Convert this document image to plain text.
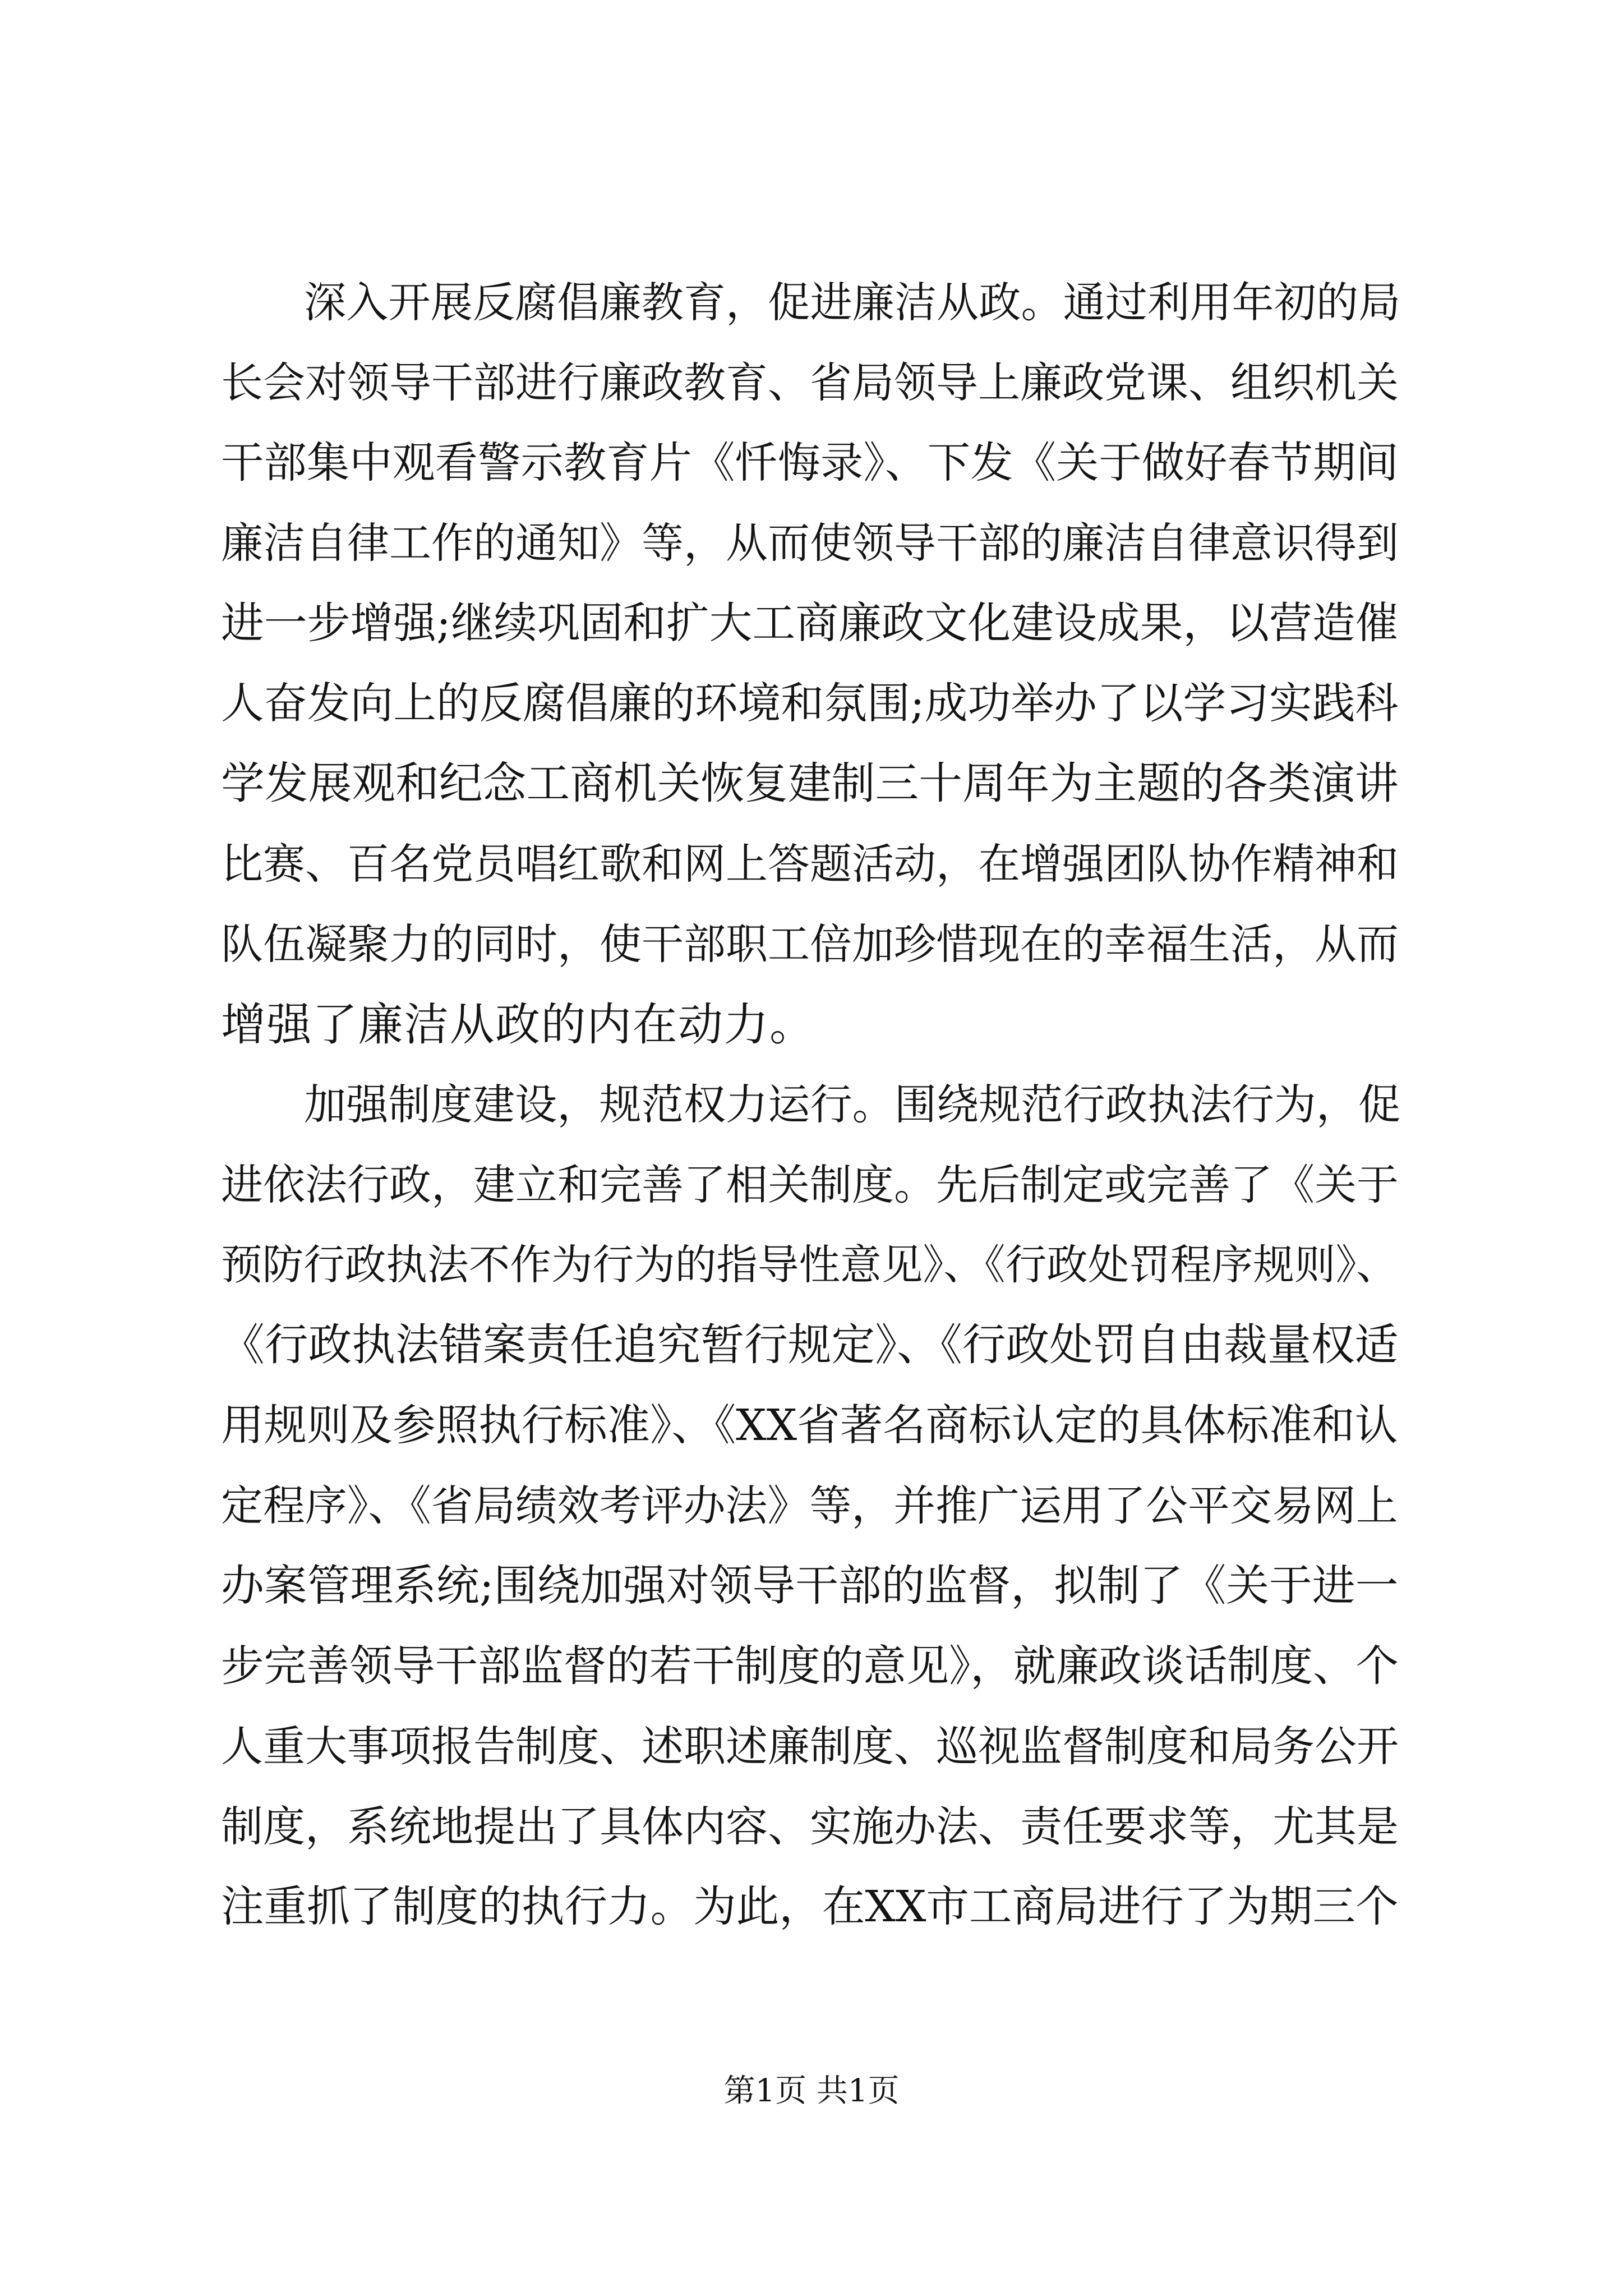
深入开展反腐倡廉教育，促进廉洁从政。通过利用年初的局
长会对领导干部进行廉政教育、省局领导上廉政党课、组织机关
干部集中观看警示教育片《忏悔录》、下发《关于做好春节期间
廉洁自律工作的通知》等，从而使领导干部的廉洁自律意识得到
进一步增强;继续巩固和扩大工商廉政文化建设成果，以营造催
人奋发向上的反腐倡廉的环境和氛围;成功举办了以学习实践科
学发展观和纪念工商机关恢复建制三十周年为主题的各类演讲
比赛、百名党员唱红歌和网上答题活动，在增强团队协作精神和
队伍凝聚力的同时，使干部职工倍加珍惜现在的幸福生活，从而
增强了廉洁从政的内在动力。
加强制度建设，规范权力运行。围绕规范行政执法行为，促
进依法行政，建立和完善了相关制度。先后制定或完善了《关于
预防行政执法不作为行为的指导性意见》、《行政处罚程序规则》、
《行政执法错案责任追究暂行规定》、《行政处罚自由裁量权适
用规则及参照执行标准》、《XX省著名商标认定的具体标准和认
定程序》、《省局绩效考评办法》等，并推广运用了公平交易网上
办案管理系统;围绕加强对领导干部的监督，拟制了《关于进一
步完善领导干部监督的若干制度的意见》，就廉政谈话制度、个
人重大事项报告制度、述职述廉制度、巡视监督制度和局务公开
制度，系统地提出了具体内容、实施办法、责任要求等，尤其是
注重抓了制度的执行力。为此，在XX市工商局进行了为期三个
第1页 共1页
